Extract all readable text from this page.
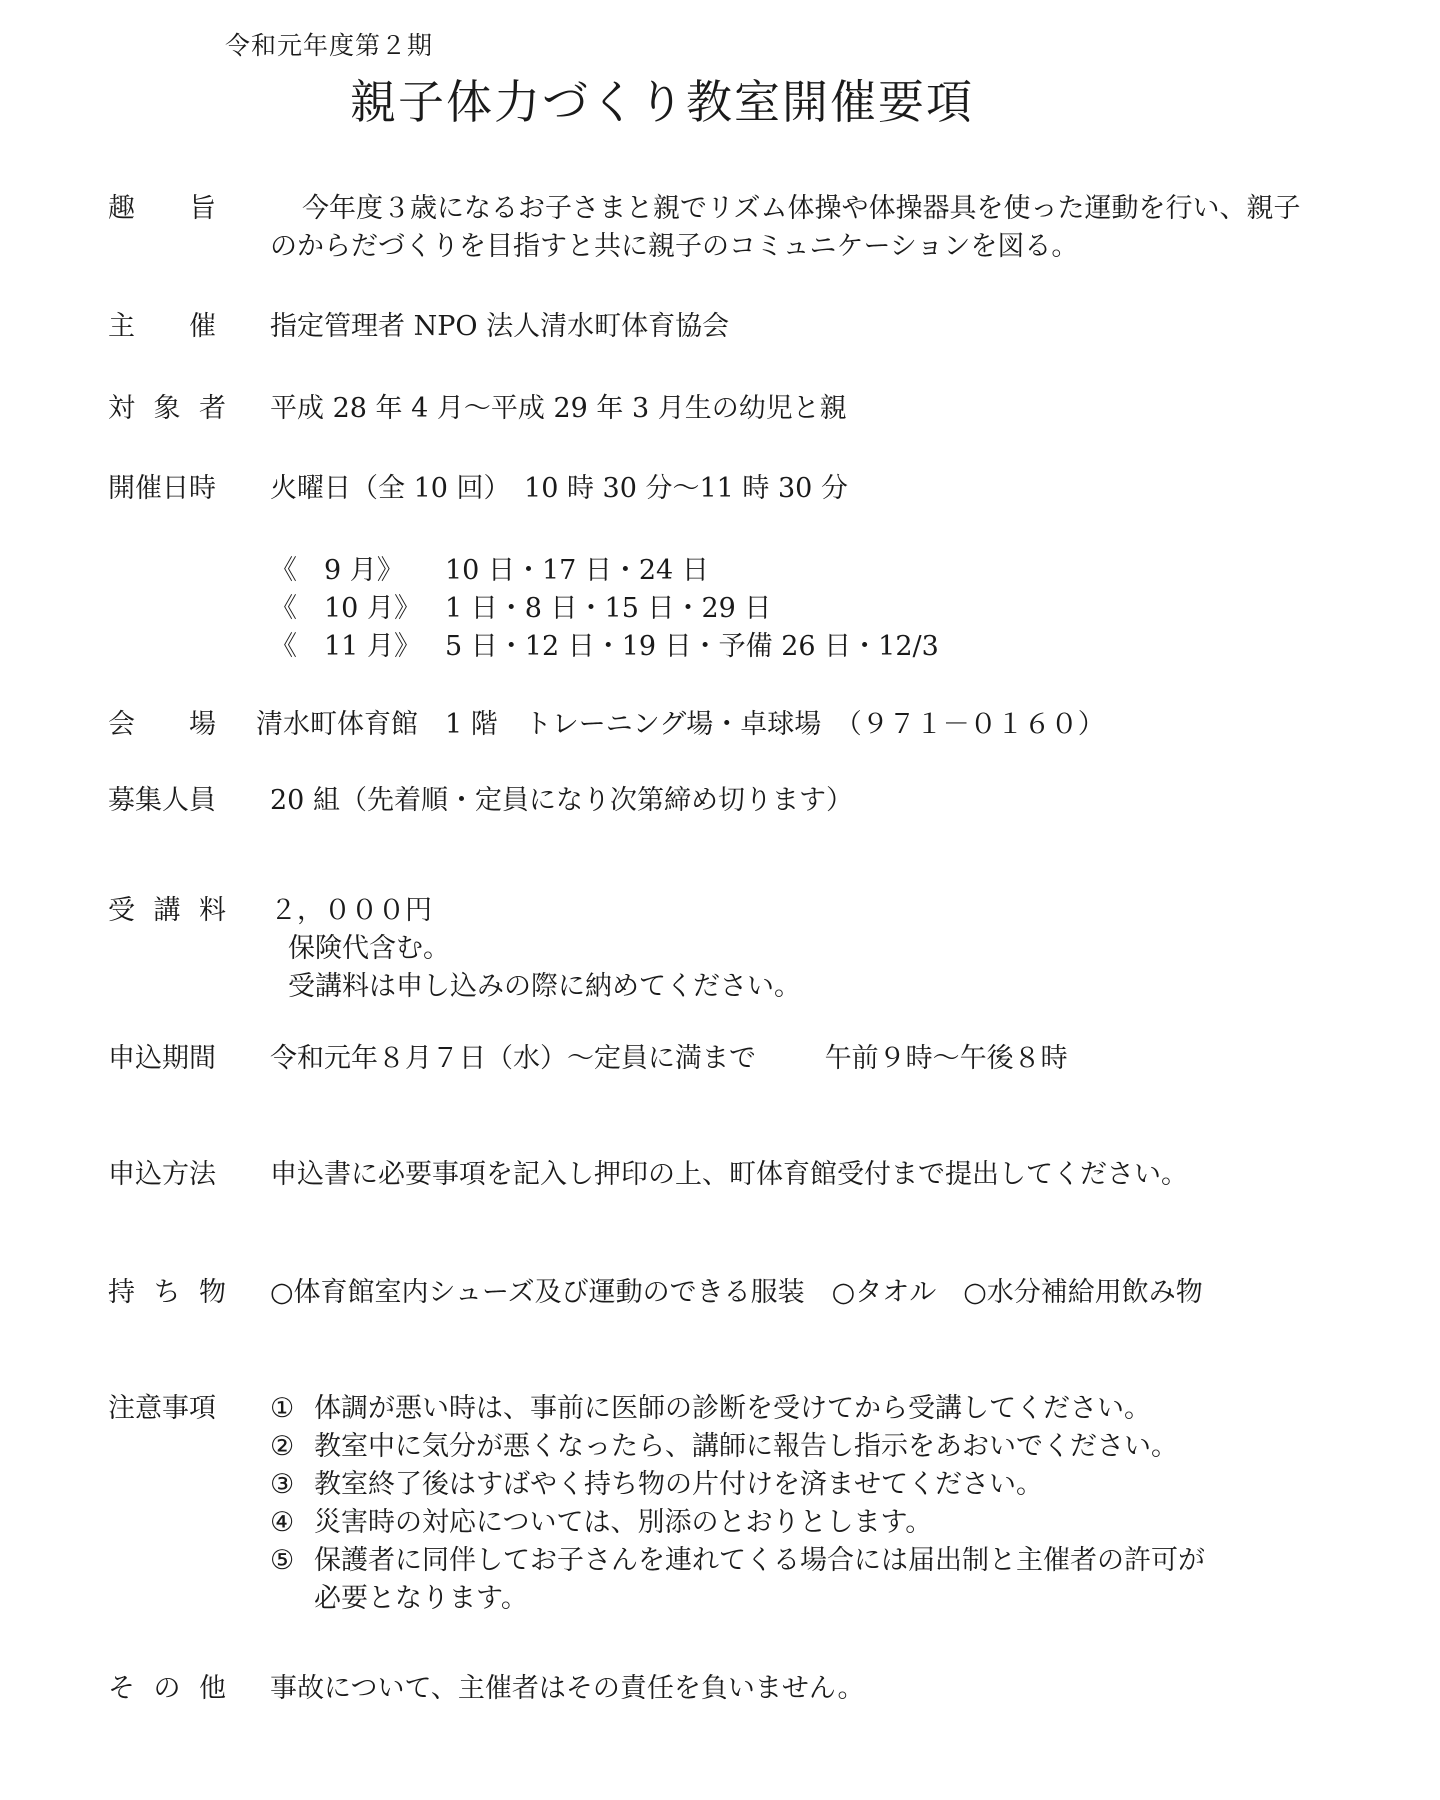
令和元年度第２期
親子体力づくり教室開催要項
趣　　旨	今年度３歳になるお子さまと親でリズム体操や体操器具を使った運動を行い、親子
のからだづくりを目指すと共に親子のコミュニケーションを図る。
主　　催	指定管理者 NPO 法人清水町体育協会
対 象 者 平成 28 年 4 月～平成 29 年 3 月生の幼児と親
開催日時	火曜日（全 10 回）　10 時 30 分～11 時 30 分
《　9 月》	10 日・17 日・24 日
《　10 月》 1 日・8 日・15 日・29 日
《　11 月》 5 日・12 日・19 日・予備 26 日・12/3
会　　場	清水町体育館　1 階　トレーニング場・卓球場　（９７１－０１６０）
募集人員	20 組（先着順・定員になり次第締め切ります）
受 講 料 ２，０００円
保険代含む。
受講料は申し込みの際に納めてください。
申込期間	令和元年８月７日（水）～定員に満まで	午前９時～午後８時
申込方法	申込書に必要事項を記入し押印の上、町体育館受付まで提出してください。
持 ち 物 ○体育館室内シューズ及び運動のできる服装　○タオル　○水分補給用飲み物
注意事項	① 体調が悪い時は、事前に医師の診断を受けてから受講してください。
② 教室中に気分が悪くなったら、講師に報告し指示をあおいでください。
③ 教室終了後はすばやく持ち物の片付けを済ませてください。
④ 災害時の対応については、別添のとおりとします。
⑤ 保護者に同伴してお子さんを連れてくる場合には届出制と主催者の許可が
必要となります。
そ の 他 事故について、主催者はその責任を負いません。
